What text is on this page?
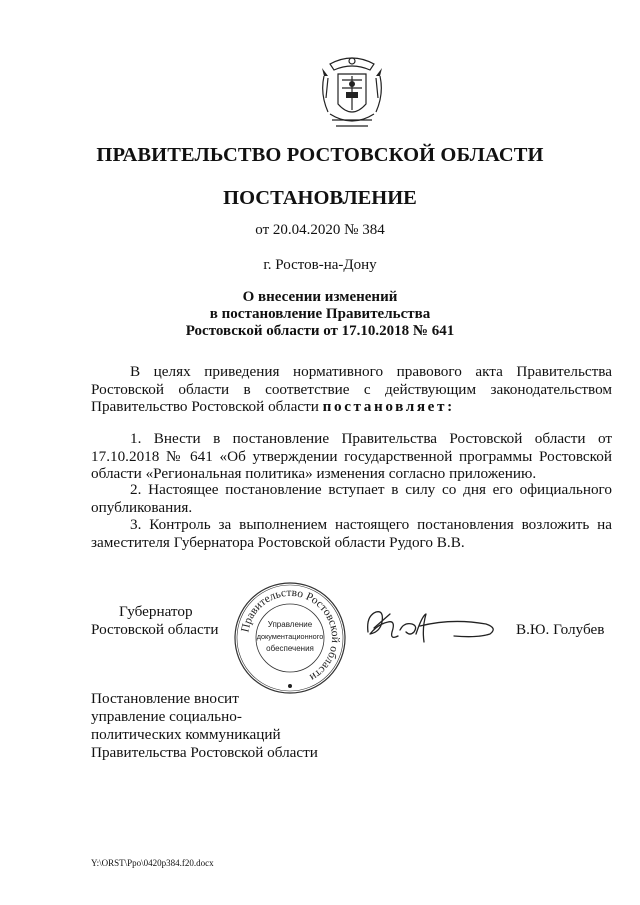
ПРАВИТЕЛЬСТВО РОСТОВСКОЙ ОБЛАСТИ
ПОСТАНОВЛЕНИЕ
от 20.04.2020 № 384
г. Ростов-на-Дону
О внесении изменений
в постановление Правительства
Ростовской области от 17.10.2018 № 641
В целях приведения нормативного правового акта Правительства Ростовской области в соответствие с действующим законодательством Правительство Ростовской области постановляет:
1. Внести в постановление Правительства Ростовской области от 17.10.2018 № 641 «Об утверждении государственной программы Ростовской области «Региональная политика» изменения согласно приложению.
2. Настоящее постановление вступает в силу со дня его официального опубликования.
3. Контроль за выполнением настоящего постановления возложить на заместителя Губернатора Ростовской области Рудого В.В.
Губернатор
Ростовской области Правительство Ростовской области
Управление
документационного
обеспечения
В.Ю. Голубев
Постановление вносит
управление социально-
политических коммуникаций
Правительства Ростовской области
Y:\ORST\Ppo\0420p384.f20.docx
